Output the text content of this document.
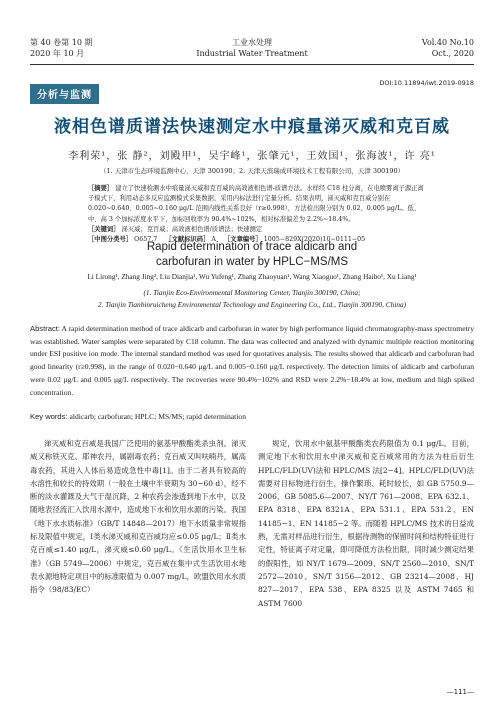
第 40 卷第 10 期
2020 年 10 月
工业水处理
Industrial Water Treatment
Vol.40 No.10
Oct., 2020
分析与监测
DOI:10.11894/iwt.2019-0918
液相色谱质谱法快速测定水中痕量涕灭威和克百威
李利荣¹，张 静²，刘殿甲¹，吴宇峰¹，张肇元¹，王效国¹，张海波¹，许 亮¹
（1. 天津市生态环境监测中心，天津 300190；2. 天津天滨瑞成环境技术工程有限公司，天津 300190）
［摘要］ 建立了快速检测水中痕量涕灭威和克百威的高效液相色谱-质谱方法。水样经 C18 柱分离，在电喷雾离子源正离子模式下，利用动态多反应监测模式采集数据，采用内标法进行定量分析。结果表明，涕灭威和克百威分别在 0.020~0.640、0.005~0.160 μg/L 范围内线性关系良好（r≥0.998），方法检出限分别为 0.02、0.005 μg/L。低、中、高 3 个加标浓度水平下，加标回收率为 90.4%~102%，相对标准偏差为 2.2%~18.4%。
［关键词］ 涕灭威；克百威；高效液相色谱/质谱法；快速测定
［中图分类号］ O657.7 ［文献标识码］ A ［文章编号］ 1005−829X(2020)10−0111−05
Rapid determination of trace aldicarb and
carbofuran in water by HPLC−MS/MS
Li Lirong¹, Zhang Jing², Liu Dianjia¹, Wu Yufeng¹, Zhang Zhaoyuan¹, Wang Xiaoguo¹, Zhang Haibo¹, Xu Liang¹
(1. Tianjin Eco-Environmental Monitoring Center, Tianjin 300190, China;
2. Tianjin Tianbinruicheng Environmental Technology and Engineering Co., Ltd., Tianjin 300190, China)
Abstract: A rapid determination method of trace aldicarb and carbofuran in water by high performance liquid chromatography-mass spectrometry was established. Water samples were separated by C18 column. The data was collected and analyzed with dynamic multiple reaction monitoring under ESI positive ion mode. The internal standard method was used for quotatives analysis. The results showed that aldicarb and carbofuran had good linearity (r≥0.998), in the range of 0.020−0.640 μg/L and 0.005−0.160 μg/L respectively. The detection limits of aldicarb and carbofuran were 0.02 μg/L and 0.005 μg/L respectively. The recoveries were 90.4%−102% and RSD were 2.2%−18.4% at low, medium and high spiked concentration.
Key words: aldicarb; carbofuran; HPLC; MS/MS; rapid determination
涕灭威和克百威是我国广泛使用的氨基甲酸酯类杀虫剂。涕灭威又称铁灭克、耶神农丹，属剧毒农药；克百威又叫呋喃丹，属高毒农药，其进入人体后易造成急性中毒[1]。由于二者具有较高的水溶性和较长的持效期（一般在土壤中半衰期为 30~60 d），经不断的淡水灌溉及大气干湿沉降，2 种农药会渗透到地下水中，以及随地表径流汇入饮用水源中，造成地下水和饮用水源的污染。我国《地下水水质标准》（GB/T 14848—2017）地下水质量非常规指标及限值中规定，Ⅰ类水涕灭威和克百威均应≤0.05 μg/L；Ⅱ类水克百威≤1.40 μg/L，涕灭威≤0.60 μg/L。《生活饮用水卫生标准》（GB 5749—2006）中规定，克百威在集中式生活饮用水地表水源地特定项目中的标准限值为 0.007 mg/L，欧盟饮用水水质指令（98/83/EC）
规定，饮用水中氨基甲酸酯类农药限值为 0.1 μg/L。目前，测定地下水和饮用水中涕灭威和克百威常用的方法为柱后衍生 HPLC/FLD(UV)法和 HPLC/MS 法[2−4]。HPLC/FLD(UV)法需要对目标物进行衍生，操作繁琐、耗时较长，如 GB 5750.9—2006、GB 5085.6—2007、NY/T 761—2008、EPA 632.1、EPA 8318、EPA 8321A、EPA 531.1、EPA 531.2、EN 14185−1、EN 14185−2 等。而随着 HPLC/MS 技术的日益成熟，无需对样品进行衍生，根据待测物的保留时间和结构特征进行定性，特征离子对定量，即可降低方法检出限，同时减少测定结果的假阳性，如 NY/T 1679—2009、SN/T 2560—2010、SN/T 2572—2010、SN/T 3156—2012、GB 23214—2008、HJ 827—2017、EPA 538、EPA 8325 以及 ASTM 7465 和 ASTM 7600
—111—
